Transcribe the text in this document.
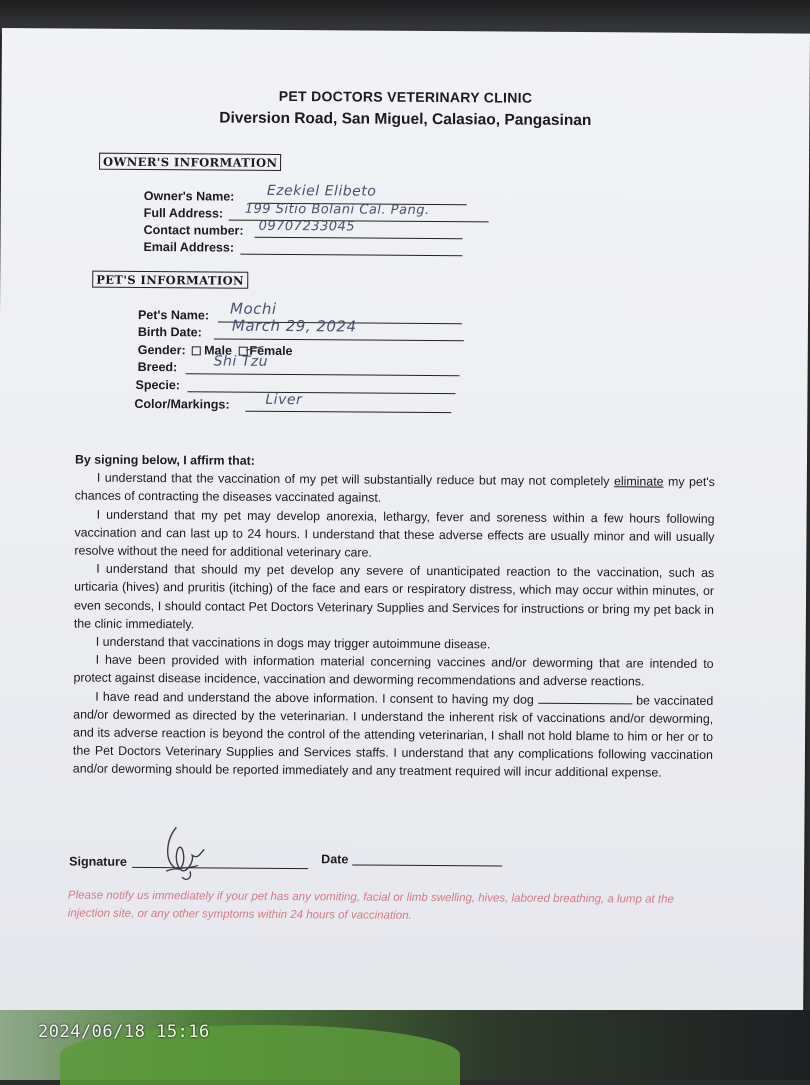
PET DOCTORS VETERINARY CLINIC
Diversion Road, San Miguel, Calasiao, Pangasinan
OWNER'S INFORMATION
Owner's Name: Ezekiel Elibeto
Full Address: 199 Sitio Bolani Cal. Pang.
Contact number: 09707233045
Email Address:
PET'S INFORMATION
Pet's Name: Mochi
Birth Date: March 29, 2024
Gender: Male Female
Breed:	Shi Tzu
Specie:
Color/Markings:	Liver

By signing below, I affirm that:

I understand that the vaccination of my pet will substantially reduce but may not completely eliminate my pet's chances of contracting the diseases vaccinated against.

I understand that my pet may develop anorexia, lethargy, fever and soreness within a few hours following vaccination and can last up to 24 hours. I understand that these adverse effects are usually minor and will usually resolve without the need for additional veterinary care.

I understand that should my pet develop any severe of unanticipated reaction to the vaccination, such as urticaria (hives) and pruritis (itching) of the face and ears or respiratory distress, which may occur within minutes, or even seconds, I should contact Pet Doctors Veterinary Supplies and Services for instructions or bring my pet back in the clinic immediately.

I understand that vaccinations in dogs may trigger autoimmune disease.

I have been provided with information material concerning vaccines and/or deworming that are intended to protect against disease incidence, vaccination and deworming recommendations and adverse reactions.

I have read and understand the above information. I consent to having my dog	be vaccinated and/or dewormed as directed by the veterinarian. I understand the inherent risk of vaccinations and/or deworming, and its adverse reaction is beyond the control of the attending veterinarian, I shall not hold blame to him or her or to the Pet Doctors Veterinary Supplies and Services staffs. I understand that any complications following vaccination and/or deworming should be reported immediately and any treatment required will incur additional expense.

Signature	Date
Please notify us immediately if your pet has any vomiting, facial or limb swelling, hives, labored breathing, a lump at the injection site, or any other symptoms within 24 hours of vaccination.
2024/06/18 15:16
